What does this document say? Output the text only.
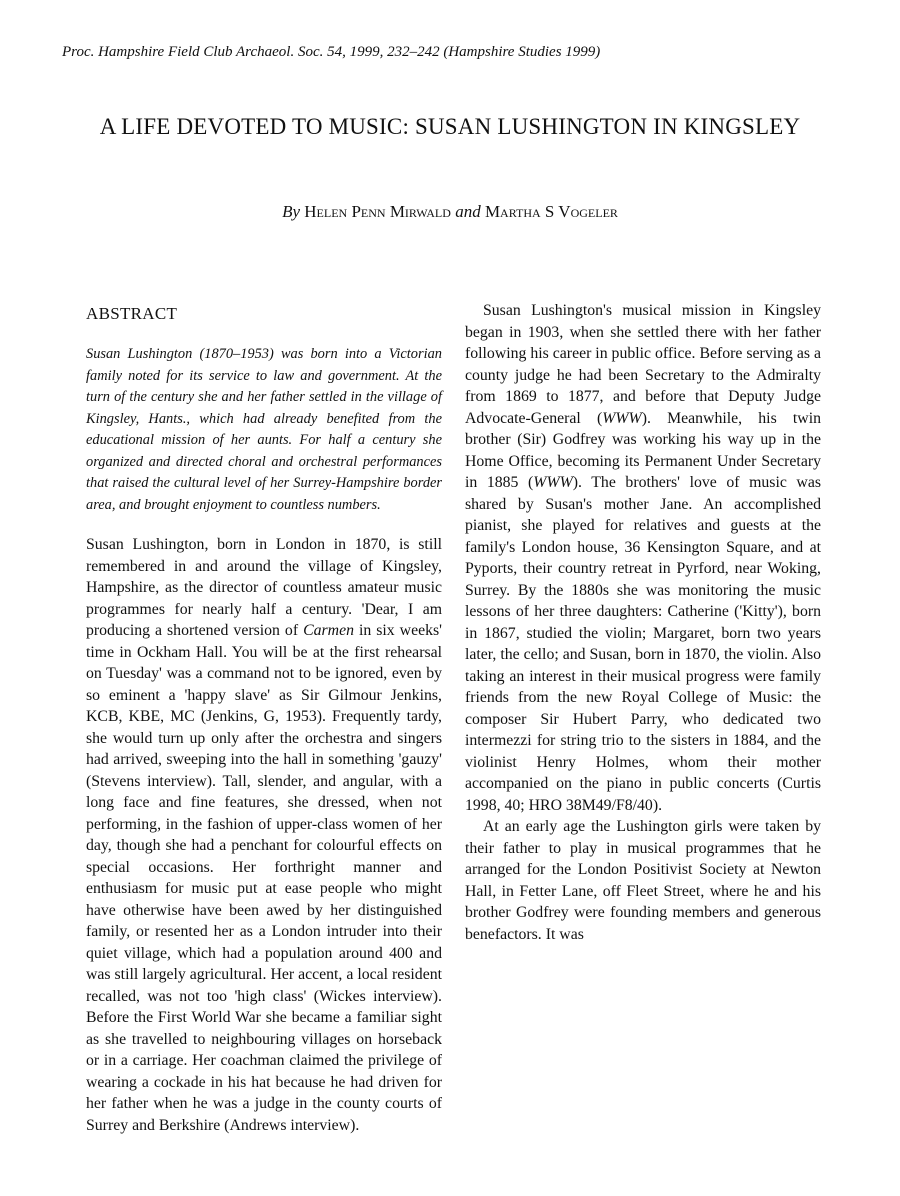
Proc. Hampshire Field Club Archaeol. Soc. 54, 1999, 232–242 (Hampshire Studies 1999)
A LIFE DEVOTED TO MUSIC: SUSAN LUSHINGTON IN KINGSLEY
By Helen Penn Mirwald and Martha S Vogeler
ABSTRACT

Susan Lushington (1870–1953) was born into a Victorian family noted for its service to law and government. At the turn of the century she and her father settled in the village of Kingsley, Hants., which had already benefited from the educational mission of her aunts. For half a century she organized and directed choral and orchestral performances that raised the cultural level of her Surrey-Hampshire border area, and brought enjoyment to countless numbers.

Susan Lushington, born in London in 1870, is still remembered in and around the village of Kingsley, Hampshire, as the director of countless amateur music programmes for nearly half a century. 'Dear, I am producing a shortened version of Carmen in six weeks' time in Ockham Hall. You will be at the first rehearsal on Tuesday' was a command not to be ignored, even by so eminent a 'happy slave' as Sir Gilmour Jenkins, KCB, KBE, MC (Jenkins, G, 1953). Frequently tardy, she would turn up only after the orchestra and singers had arrived, sweeping into the hall in something 'gauzy' (Stevens interview). Tall, slender, and angular, with a long face and fine features, she dressed, when not performing, in the fashion of upper-class women of her day, though she had a penchant for colourful effects on special occasions. Her forthright manner and enthusiasm for music put at ease people who might have otherwise have been awed by her distinguished family, or resented her as a London intruder into their quiet village, which had a population around 400 and was still largely agricultural. Her accent, a local resident recalled, was not too 'high class' (Wickes interview). Before the First World War she became a familiar sight as she travelled to neighbouring villages on horseback or in a carriage. Her coachman claimed the privilege of wearing a cockade in his hat because he had driven for her father when he was a judge in the county courts of Surrey and Berkshire (Andrews interview).

Susan Lushington's musical mission in Kingsley began in 1903, when she settled there with her father following his career in public office. Before serving as a county judge he had been Secretary to the Admiralty from 1869 to 1877, and before that Deputy Judge Advocate-General (WWW). Meanwhile, his twin brother (Sir) Godfrey was working his way up in the Home Office, becoming its Permanent Under Secretary in 1885 (WWW). The brothers' love of music was shared by Susan's mother Jane. An accomplished pianist, she played for relatives and guests at the family's London house, 36 Kensington Square, and at Pyports, their country retreat in Pyrford, near Woking, Surrey. By the 1880s she was monitoring the music lessons of her three daughters: Catherine ('Kitty'), born in 1867, studied the violin; Margaret, born two years later, the cello; and Susan, born in 1870, the violin. Also taking an interest in their musical progress were family friends from the new Royal College of Music: the composer Sir Hubert Parry, who dedicated two intermezzi for string trio to the sisters in 1884, and the violinist Henry Holmes, whom their mother accompanied on the piano in public concerts (Curtis 1998, 40; HRO 38M49/F8/40).

At an early age the Lushington girls were taken by their father to play in musical programmes that he arranged for the London Positivist Society at Newton Hall, in Fetter Lane, off Fleet Street, where he and his brother Godfrey were founding members and generous benefactors. It was
